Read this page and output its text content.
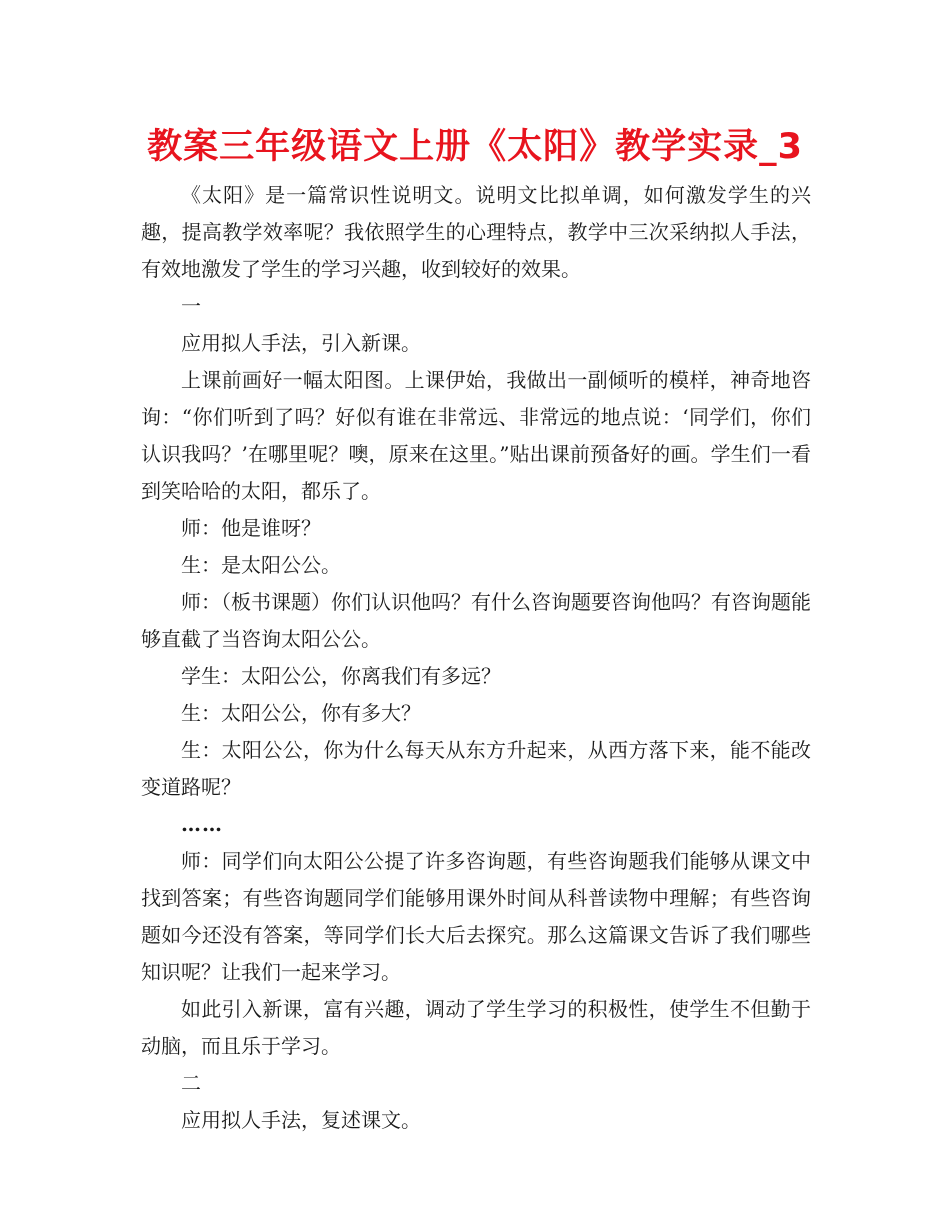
教案三年级语文上册《太阳》教学实录_3

《太阳》是一篇常识性说明文。说明文比拟单调，如何激发学生的兴趣，提高教学效率呢？我依照学生的心理特点，教学中三次采纳拟人手法，有效地激发了学生的学习兴趣，收到较好的效果。

一

应用拟人手法，引入新课。

上课前画好一幅太阳图。上课伊始，我做出一副倾听的模样，神奇地咨询：“你们听到了吗？好似有谁在非常远、非常远的地点说：‘同学们，你们认识我吗？’在哪里呢？噢，原来在这里。”贴出课前预备好的画。学生们一看到笑哈哈的太阳，都乐了。

师：他是谁呀？

生：是太阳公公。

师：（板书课题）你们认识他吗？有什么咨询题要咨询他吗？有咨询题能够直截了当咨询太阳公公。

学生：太阳公公，你离我们有多远？

生：太阳公公，你有多大？

生：太阳公公，你为什么每天从东方升起来，从西方落下来，能不能改变道路呢？

……

师：同学们向太阳公公提了许多咨询题，有些咨询题我们能够从课文中找到答案；有些咨询题同学们能够用课外时间从科普读物中理解；有些咨询题如今还没有答案，等同学们长大后去探究。那么这篇课文告诉了我们哪些知识呢？让我们一起来学习。

如此引入新课，富有兴趣，调动了学生学习的积极性，使学生不但勤于动脑，而且乐于学习。

二

应用拟人手法，复述课文。
